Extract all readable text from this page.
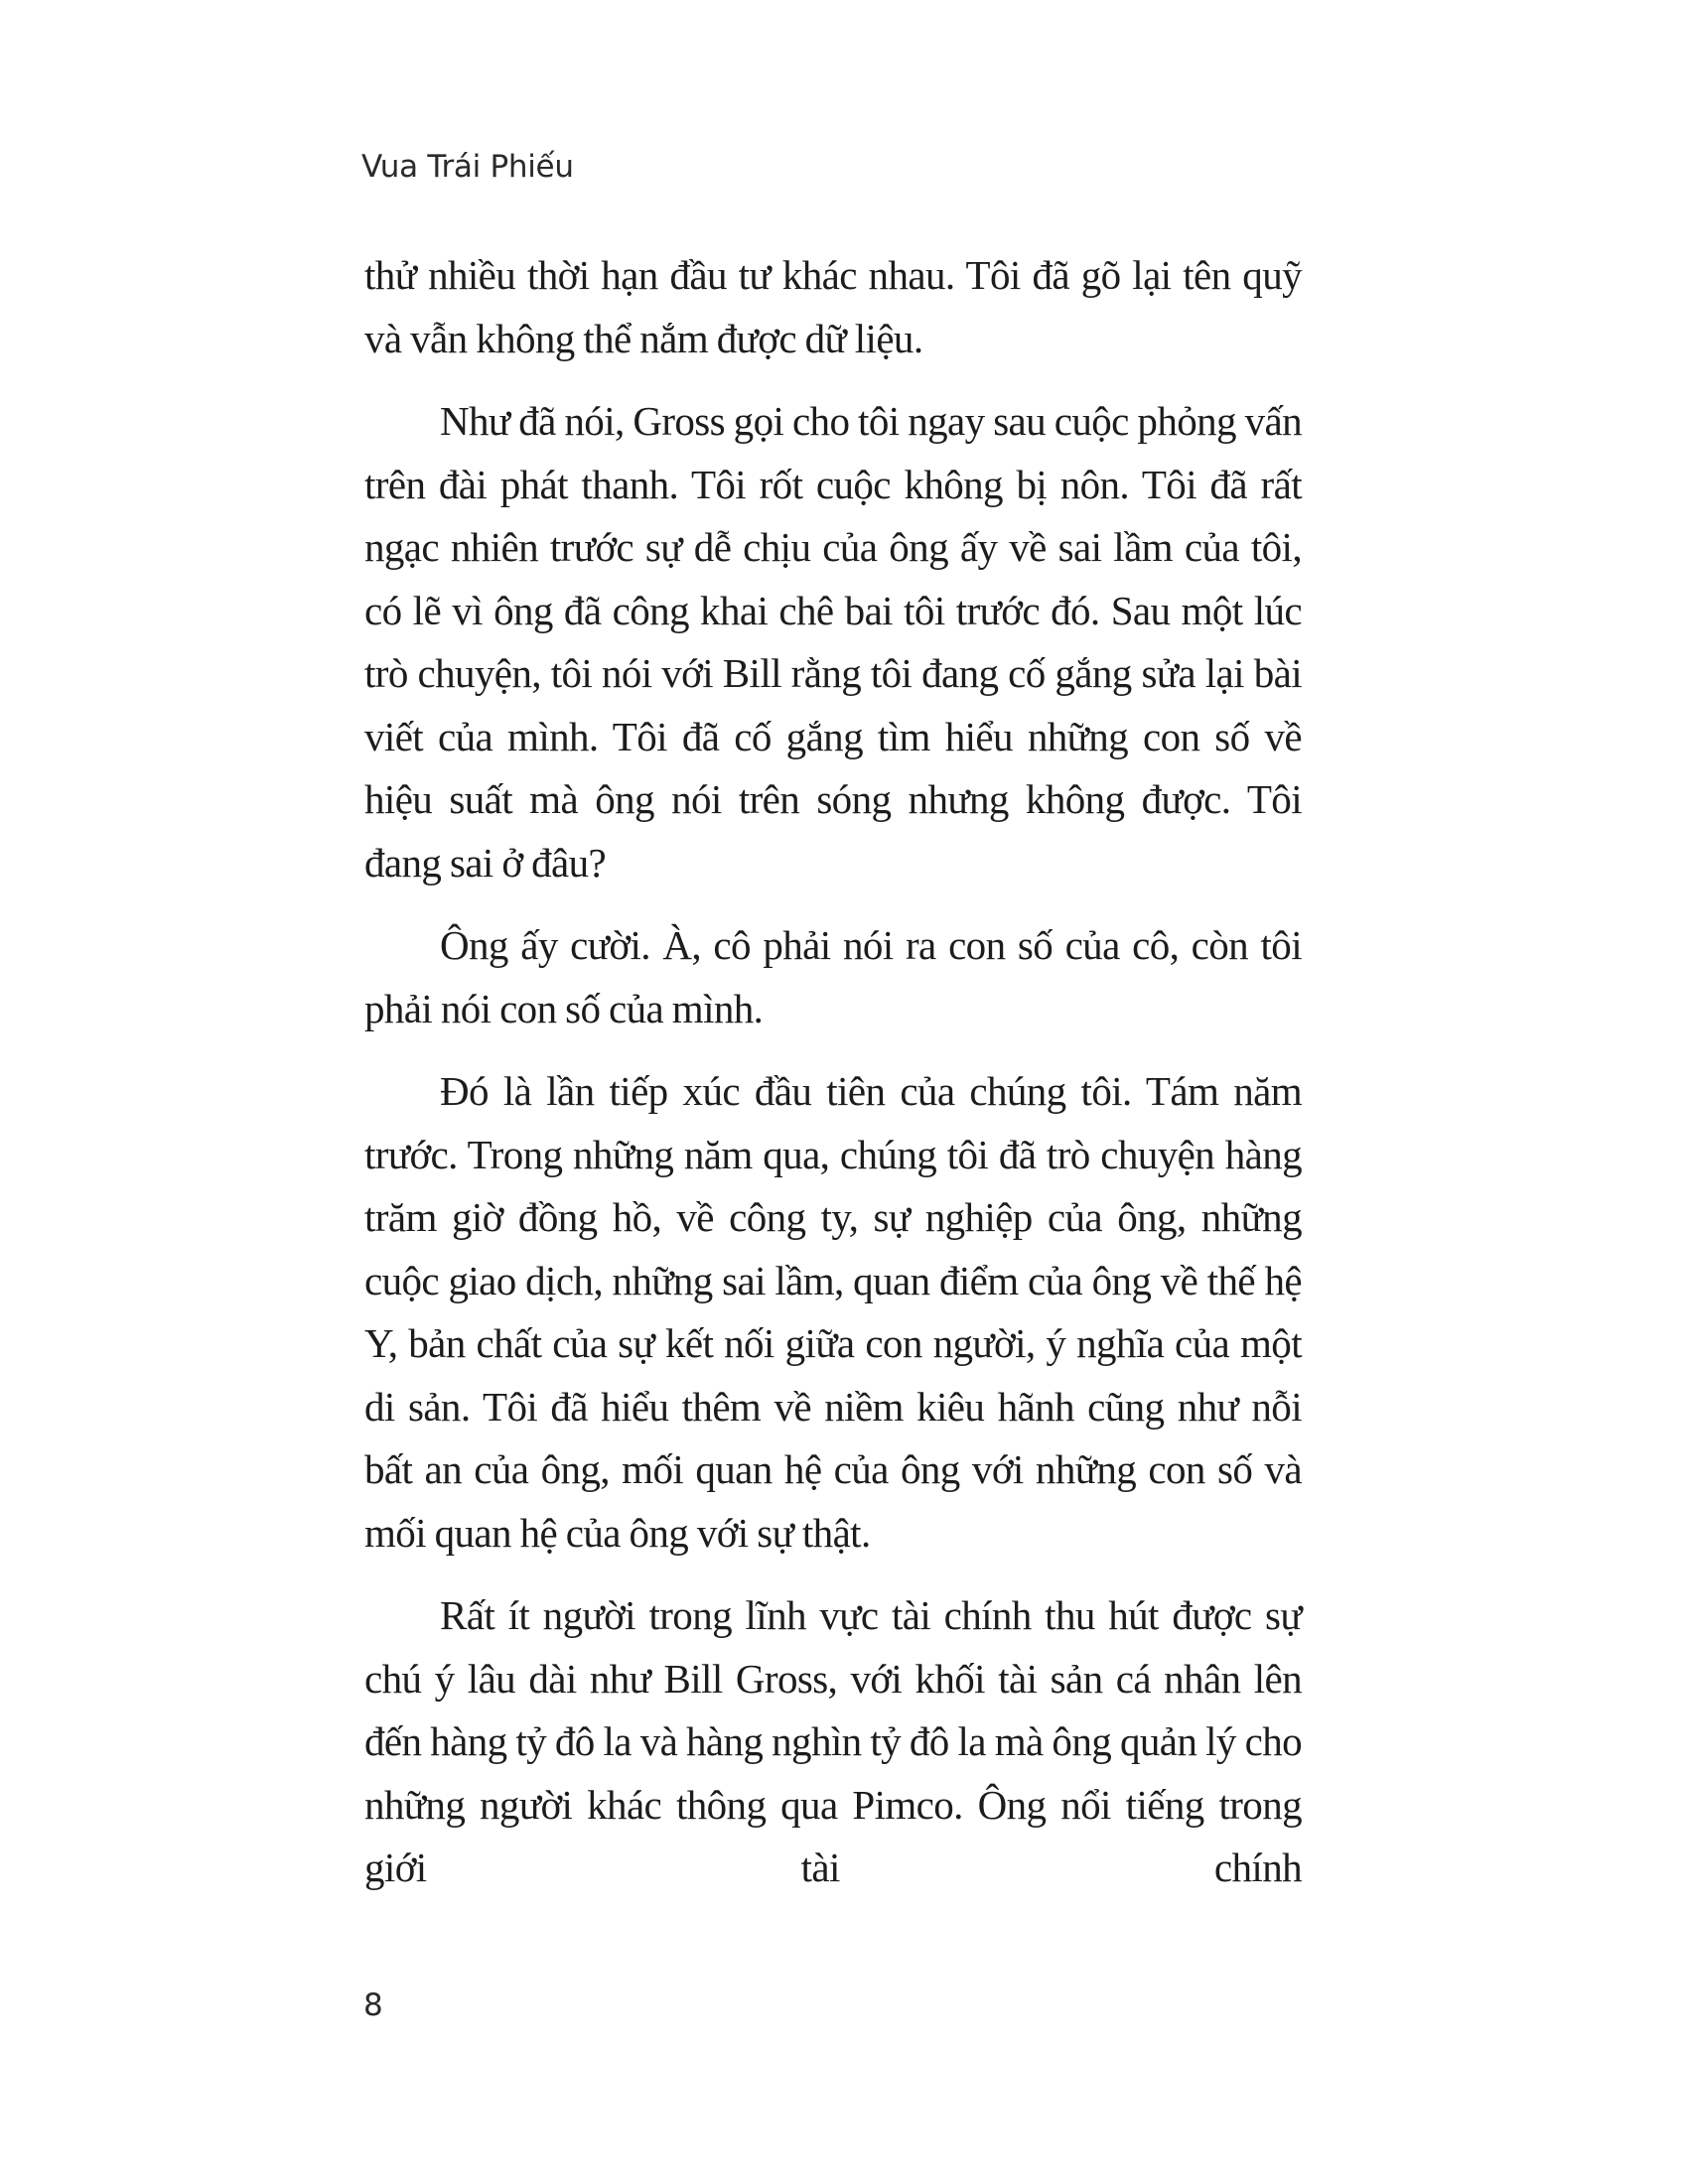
Vua Trái Phiếu

thử nhiều thời hạn đầu tư khác nhau. Tôi đã gõ lại tên quỹ và vẫn không thể nắm được dữ liệu.

Như đã nói, Gross gọi cho tôi ngay sau cuộc phỏng vấn trên đài phát thanh. Tôi rốt cuộc không bị nôn. Tôi đã rất ngạc nhiên trước sự dễ chịu của ông ấy về sai lầm của tôi, có lẽ vì ông đã công khai chê bai tôi trước đó. Sau một lúc trò chuyện, tôi nói với Bill rằng tôi đang cố gắng sửa lại bài viết của mình. Tôi đã cố gắng tìm hiểu những con số về hiệu suất mà ông nói trên sóng nhưng không được. Tôi đang sai ở đâu?

Ông ấy cười. À, cô phải nói ra con số của cô, còn tôi phải nói con số của mình.

Đó là lần tiếp xúc đầu tiên của chúng tôi. Tám năm trước. Trong những năm qua, chúng tôi đã trò chuyện hàng trăm giờ đồng hồ, về công ty, sự nghiệp của ông, những cuộc giao dịch, những sai lầm, quan điểm của ông về thế hệ Y, bản chất của sự kết nối giữa con người, ý nghĩa của một di sản. Tôi đã hiểu thêm về niềm kiêu hãnh cũng như nỗi bất an của ông, mối quan hệ của ông với những con số và mối quan hệ của ông với sự thật.

Rất ít người trong lĩnh vực tài chính thu hút được sự chú ý lâu dài như Bill Gross, với khối tài sản cá nhân lên đến hàng tỷ đô la và hàng nghìn tỷ đô la mà ông quản lý cho những người khác thông qua Pimco. Ông nổi tiếng trong giới tài chính

8
